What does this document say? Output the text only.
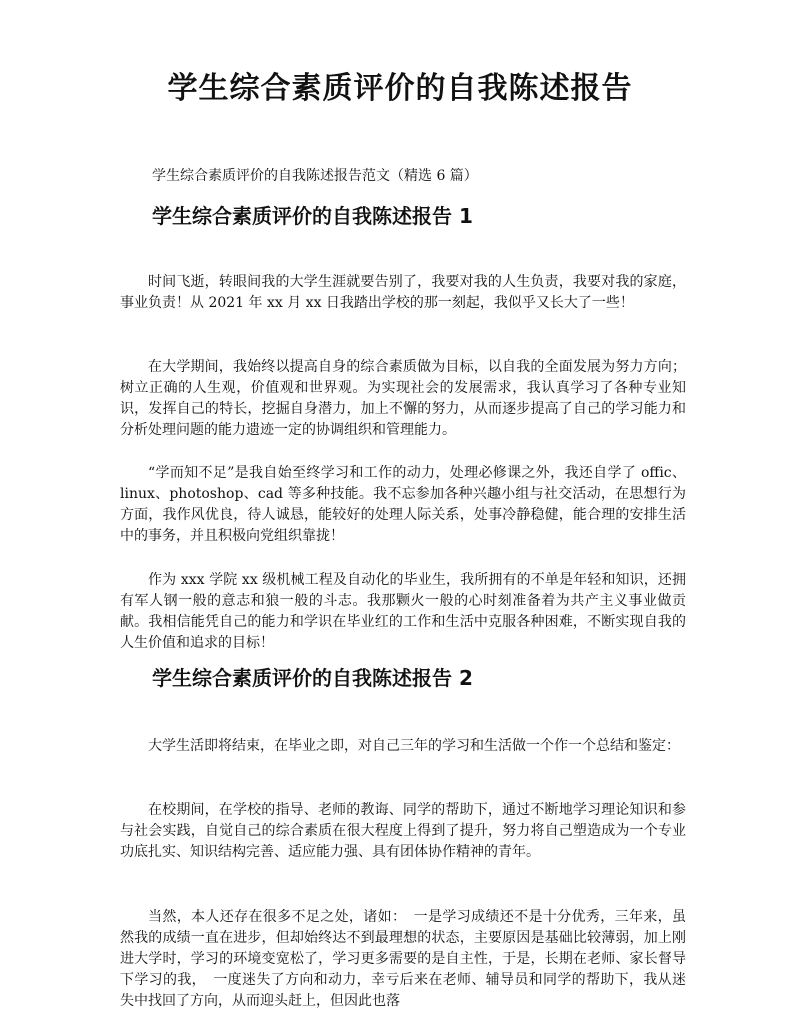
学生综合素质评价的自我陈述报告

学生综合素质评价的自我陈述报告范文（精选 6 篇）

学生综合素质评价的自我陈述报告 1

时间飞逝，转眼间我的大学生涯就要告别了，我要对我的人生负责，我要对我的家庭，事业负责！从 2021 年 xx 月 xx 日我踏出学校的那一刻起，我似乎又长大了一些！

在大学期间，我始终以提高自身的综合素质做为目标，以自我的全面发展为努力方向；树立正确的人生观，价值观和世界观。为实现社会的发展需求，我认真学习了各种专业知识，发挥自己的特长，挖掘自身潜力，加上不懈的努力，从而逐步提高了自己的学习能力和分析处理问题的能力遗迹一定的协调组织和管理能力。

“学而知不足”是我自始至终学习和工作的动力，处理必修课之外，我还自学了 offic、linux、photoshop、cad 等多种技能。我不忘参加各种兴趣小组与社交活动，在思想行为方面，我作风优良，待人诚恳，能较好的处理人际关系，处事冷静稳健，能合理的安排生活中的事务，并且积极向党组织靠拢！

作为 xxx 学院 xx 级机械工程及自动化的毕业生，我所拥有的不单是年轻和知识，还拥有军人钢一般的意志和狼一般的斗志。我那颗火一般的心时刻准备着为共产主义事业做贡献。我相信能凭自己的能力和学识在毕业红的工作和生活中克服各种困难，不断实现自我的人生价值和追求的目标！

学生综合素质评价的自我陈述报告 2

大学生活即将结束，在毕业之即，对自己三年的学习和生活做一个作一个总结和鉴定：

在校期间，在学校的指导、老师的教诲、同学的帮助下，通过不断地学习理论知识和参与社会实践，自觉自己的综合素质在很大程度上得到了提升，努力将自己塑造成为一个专业功底扎实、知识结构完善、适应能力强、具有团体协作精神的青年。

当然，本人还存在很多不足之处，诸如：　一是学习成绩还不是十分优秀，三年来，虽然我的成绩一直在进步，但却始终达不到最理想的状态，主要原因是基础比较薄弱，加上刚进大学时，学习的环境变宽松了，学习更多需要的是自主性，于是，长期在老师、家长督导下学习的我，　一度迷失了方向和动力，幸亏后来在老师、辅导员和同学的帮助下，我从迷失中找回了方向，从而迎头赶上，但因此也落
